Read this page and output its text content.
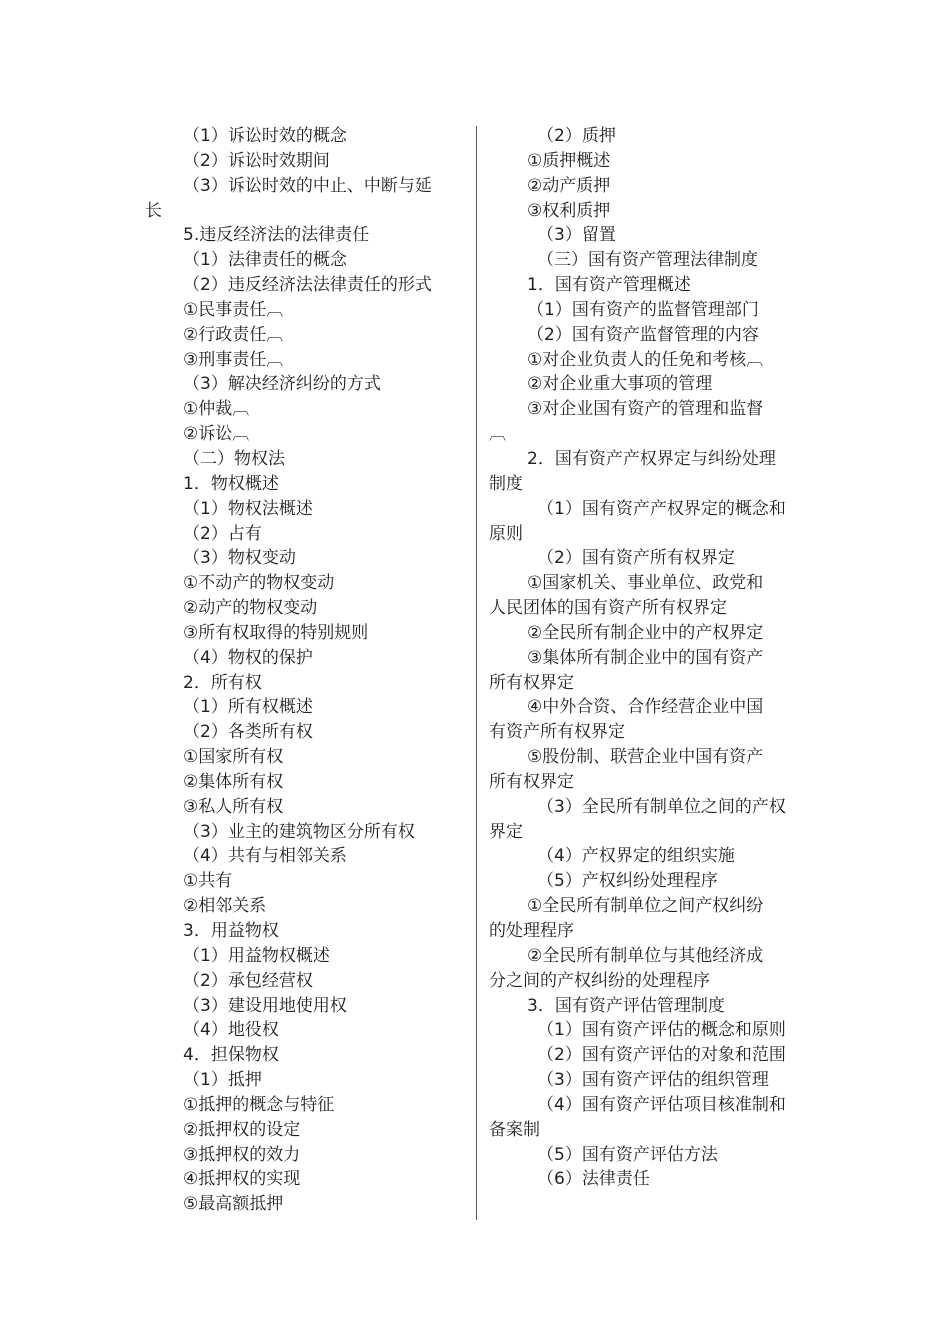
（1）诉讼时效的概念
（2）诉讼时效期间
（3）诉讼时效的中止、中断与延
长
5.违反经济法的法律责任
（1）法律责任的概念
（2）违反经济法法律责任的形式
①民事责任︹
②行政责任︹
③刑事责任︹
（3）解决经济纠纷的方式
①仲裁︹
②诉讼︹
（二）物权法
1．物权概述
（1）物权法概述
（2）占有
（3）物权变动
①不动产的物权变动
②动产的物权变动
③所有权取得的特别规则
（4）物权的保护
2．所有权
（1）所有权概述
（2）各类所有权
①国家所有权
②集体所有权
③私人所有权
（3）业主的建筑物区分所有权
（4）共有与相邻关系
①共有
②相邻关系
3．用益物权
（1）用益物权概述
（2）承包经营权
（3）建设用地使用权
（4）地役权
4．担保物权
（1）抵押
①抵押的概念与特征
②抵押权的设定
③抵押权的效力
④抵押权的实现
⑤最高额抵押
（2）质押
①质押概述
②动产质押
③权利质押
（3）留置
（三）国有资产管理法律制度
1．国有资产管理概述
（1）国有资产的监督管理部门
（2）国有资产监督管理的内容
①对企业负责人的任免和考核︹
②对企业重大事项的管理
③对企业国有资产的管理和监督
︹
2．国有资产产权界定与纠纷处理
制度
（1）国有资产产权界定的概念和
原则
（2）国有资产所有权界定
①国家机关、事业单位、政党和
人民团体的国有资产所有权界定
②全民所有制企业中的产权界定
③集体所有制企业中的国有资产
所有权界定
④中外合资、合作经营企业中国
有资产所有权界定
⑤股份制、联营企业中国有资产
所有权界定
（3）全民所有制单位之间的产权
界定
（4）产权界定的组织实施
（5）产权纠纷处理程序
①全民所有制单位之间产权纠纷
的处理程序
②全民所有制单位与其他经济成
分之间的产权纠纷的处理程序
3．国有资产评估管理制度
（1）国有资产评估的概念和原则
（2）国有资产评估的对象和范围
（3）国有资产评估的组织管理
（4）国有资产评估项目核准制和
备案制
（5）国有资产评估方法
（6）法律责任
